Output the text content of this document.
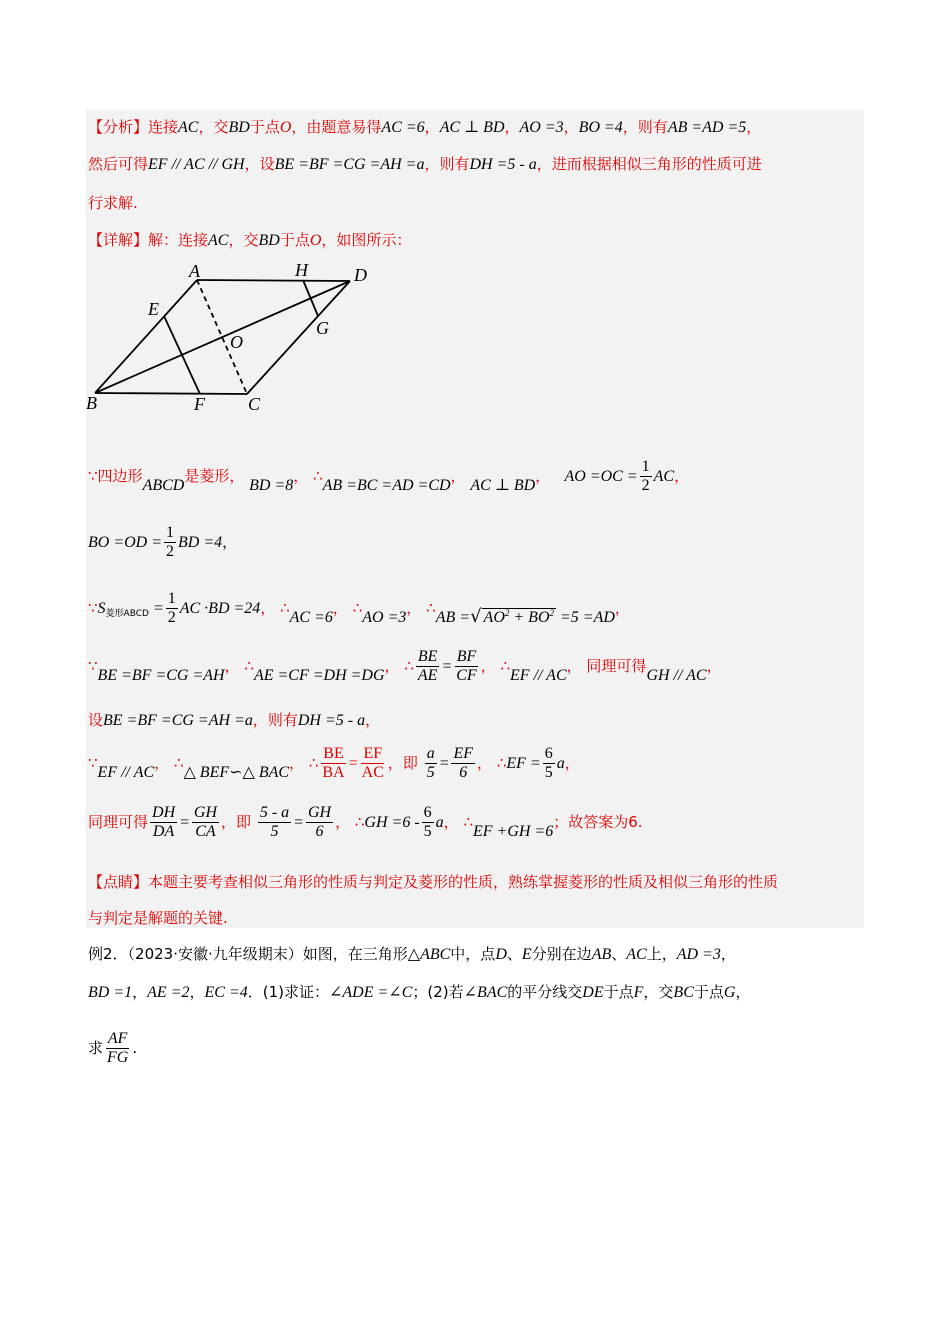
【分析】连接AC，交BD于点O，由题意易得AC =6，AC ⊥ BD，AO =3，BO =4，则有AB =AD =5，
然后可得EF // AC // GH，设BE =BF =CG =AH =a，则有DH =5 - a，进而根据相似三角形的性质可进
行求解.
【详解】解：连接AC，交BD于点O，如图所示：
A	H	D
E
G
O
B	F C
∵四边形ABCD是菱形， BD =8， ∴AB =BC =AD =CD， AC ⊥ BD， AO $=OC = \frac{1}{2}$ AC，
BO $=OD = \frac{1}{2}$ BD =4，
$\because S_{菱形ABCD} = \frac{1}{2}$ AC ·BD =24， ∴AC =6， ∴AO =3， ∴AB =√ $AO^2 + BO^2 =5 =AD$，
∵BE =BF =CG =AH， ∴AE =CF =DH =DG， ∴ $\frac{BE}{AE} = \frac{BF}{CF}$ ， ∴EF // AC， 同理可得GH // AC，
设BE =BF =CG =AH =a，则有DH =5 - a，
∵EF // AC， ∴△ BEF∽△ BAC， ∴ $\frac{BE}{BA} = \frac{EF}{AC}$ ，即 $\frac{a}{5} = \frac{EF}{6}$ ， ∴EF = $\frac{6}{5}$ a，
同理可得 $\frac{DH}{DA} = \frac{GH}{CA}$ ，即 $\frac{5 - a}{5} = \frac{GH}{6}$ ， ∴GH $=6 - \frac{6}{5}$ a， ∴EF +GH =6；故答案为6.
【点睛】本题主要考查相似三角形的性质与判定及菱形的性质，熟练掌握菱形的性质及相似三角形的性质
与判定是解题的关键.
例2．（2023·安徽·九年级期末）如图，在三角形△ABC中，点D、E分别在边AB、AC上，AD =3，
BD =1，AE =2，EC =4．(1)求证：∠ADE =∠C；(2)若∠BAC的平分线交DE于点F，交BC于点G，
求 $\frac{AF}{FG}$ .
